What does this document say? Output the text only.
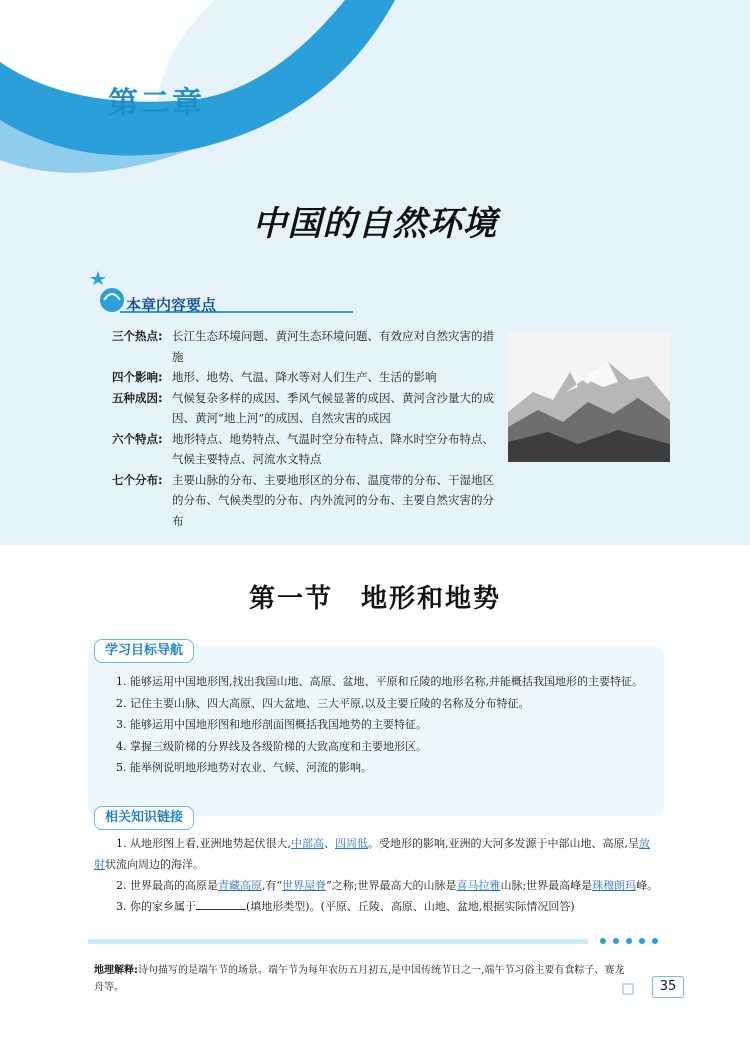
第二章
中国的自然环境
本章内容要点
三个热点: 长江生态环境问题、黄河生态环境问题、有效应对自然灾害的措施
四个影响: 地形、地势、气温、降水等对人们生产、生活的影响
五种成因: 气候复杂多样的成因、季风气候显著的成因、黄河含沙量大的成因、黄河“地上河”的成因、自然灾害的成因
六个特点: 地形特点、地势特点、气温时空分布特点、降水时空分布特点、气候主要特点、河流水文特点
七个分布: 主要山脉的分布、主要地形区的分布、温度带的分布、干湿地区的分布、气候类型的分布、内外流河的分布、主要自然灾害的分布
第一节　地形和地势
学习目标导航

1. 能够运用中国地形图,找出我国山地、高原、盆地、平原和丘陵的地形名称,并能概括我国地形的主要特征。

2. 记住主要山脉、四大高原、四大盆地、三大平原,以及主要丘陵的名称及分布特征。

3. 能够运用中国地形图和地形剖面图概括我国地势的主要特征。

4. 掌握三级阶梯的分界线及各级阶梯的大致高度和主要地形区。

5. 能举例说明地形地势对农业、气候、河流的影响。

相关知识链接

1. 从地形图上看,亚洲地势起伏很大,中部高、四周低。受地形的影响,亚洲的大河多发源于中部山地、高原,呈放射状流向周边的海洋。

2. 世界最高的高原是青藏高原,有“世界屋脊”之称;世界最高大的山脉是喜马拉雅山脉;世界最高峰是珠穆朗玛峰。

3. 你的家乡属于	(填地形类型)。(平原、丘陵、高原、山地、盆地,根据实际情况回答)

地理解释:诗句描写的是端午节的场景。端午节为每年农历五月初五,是中国传统节日之一,端午节习俗主要有食粽子、赛龙舟等。	35
